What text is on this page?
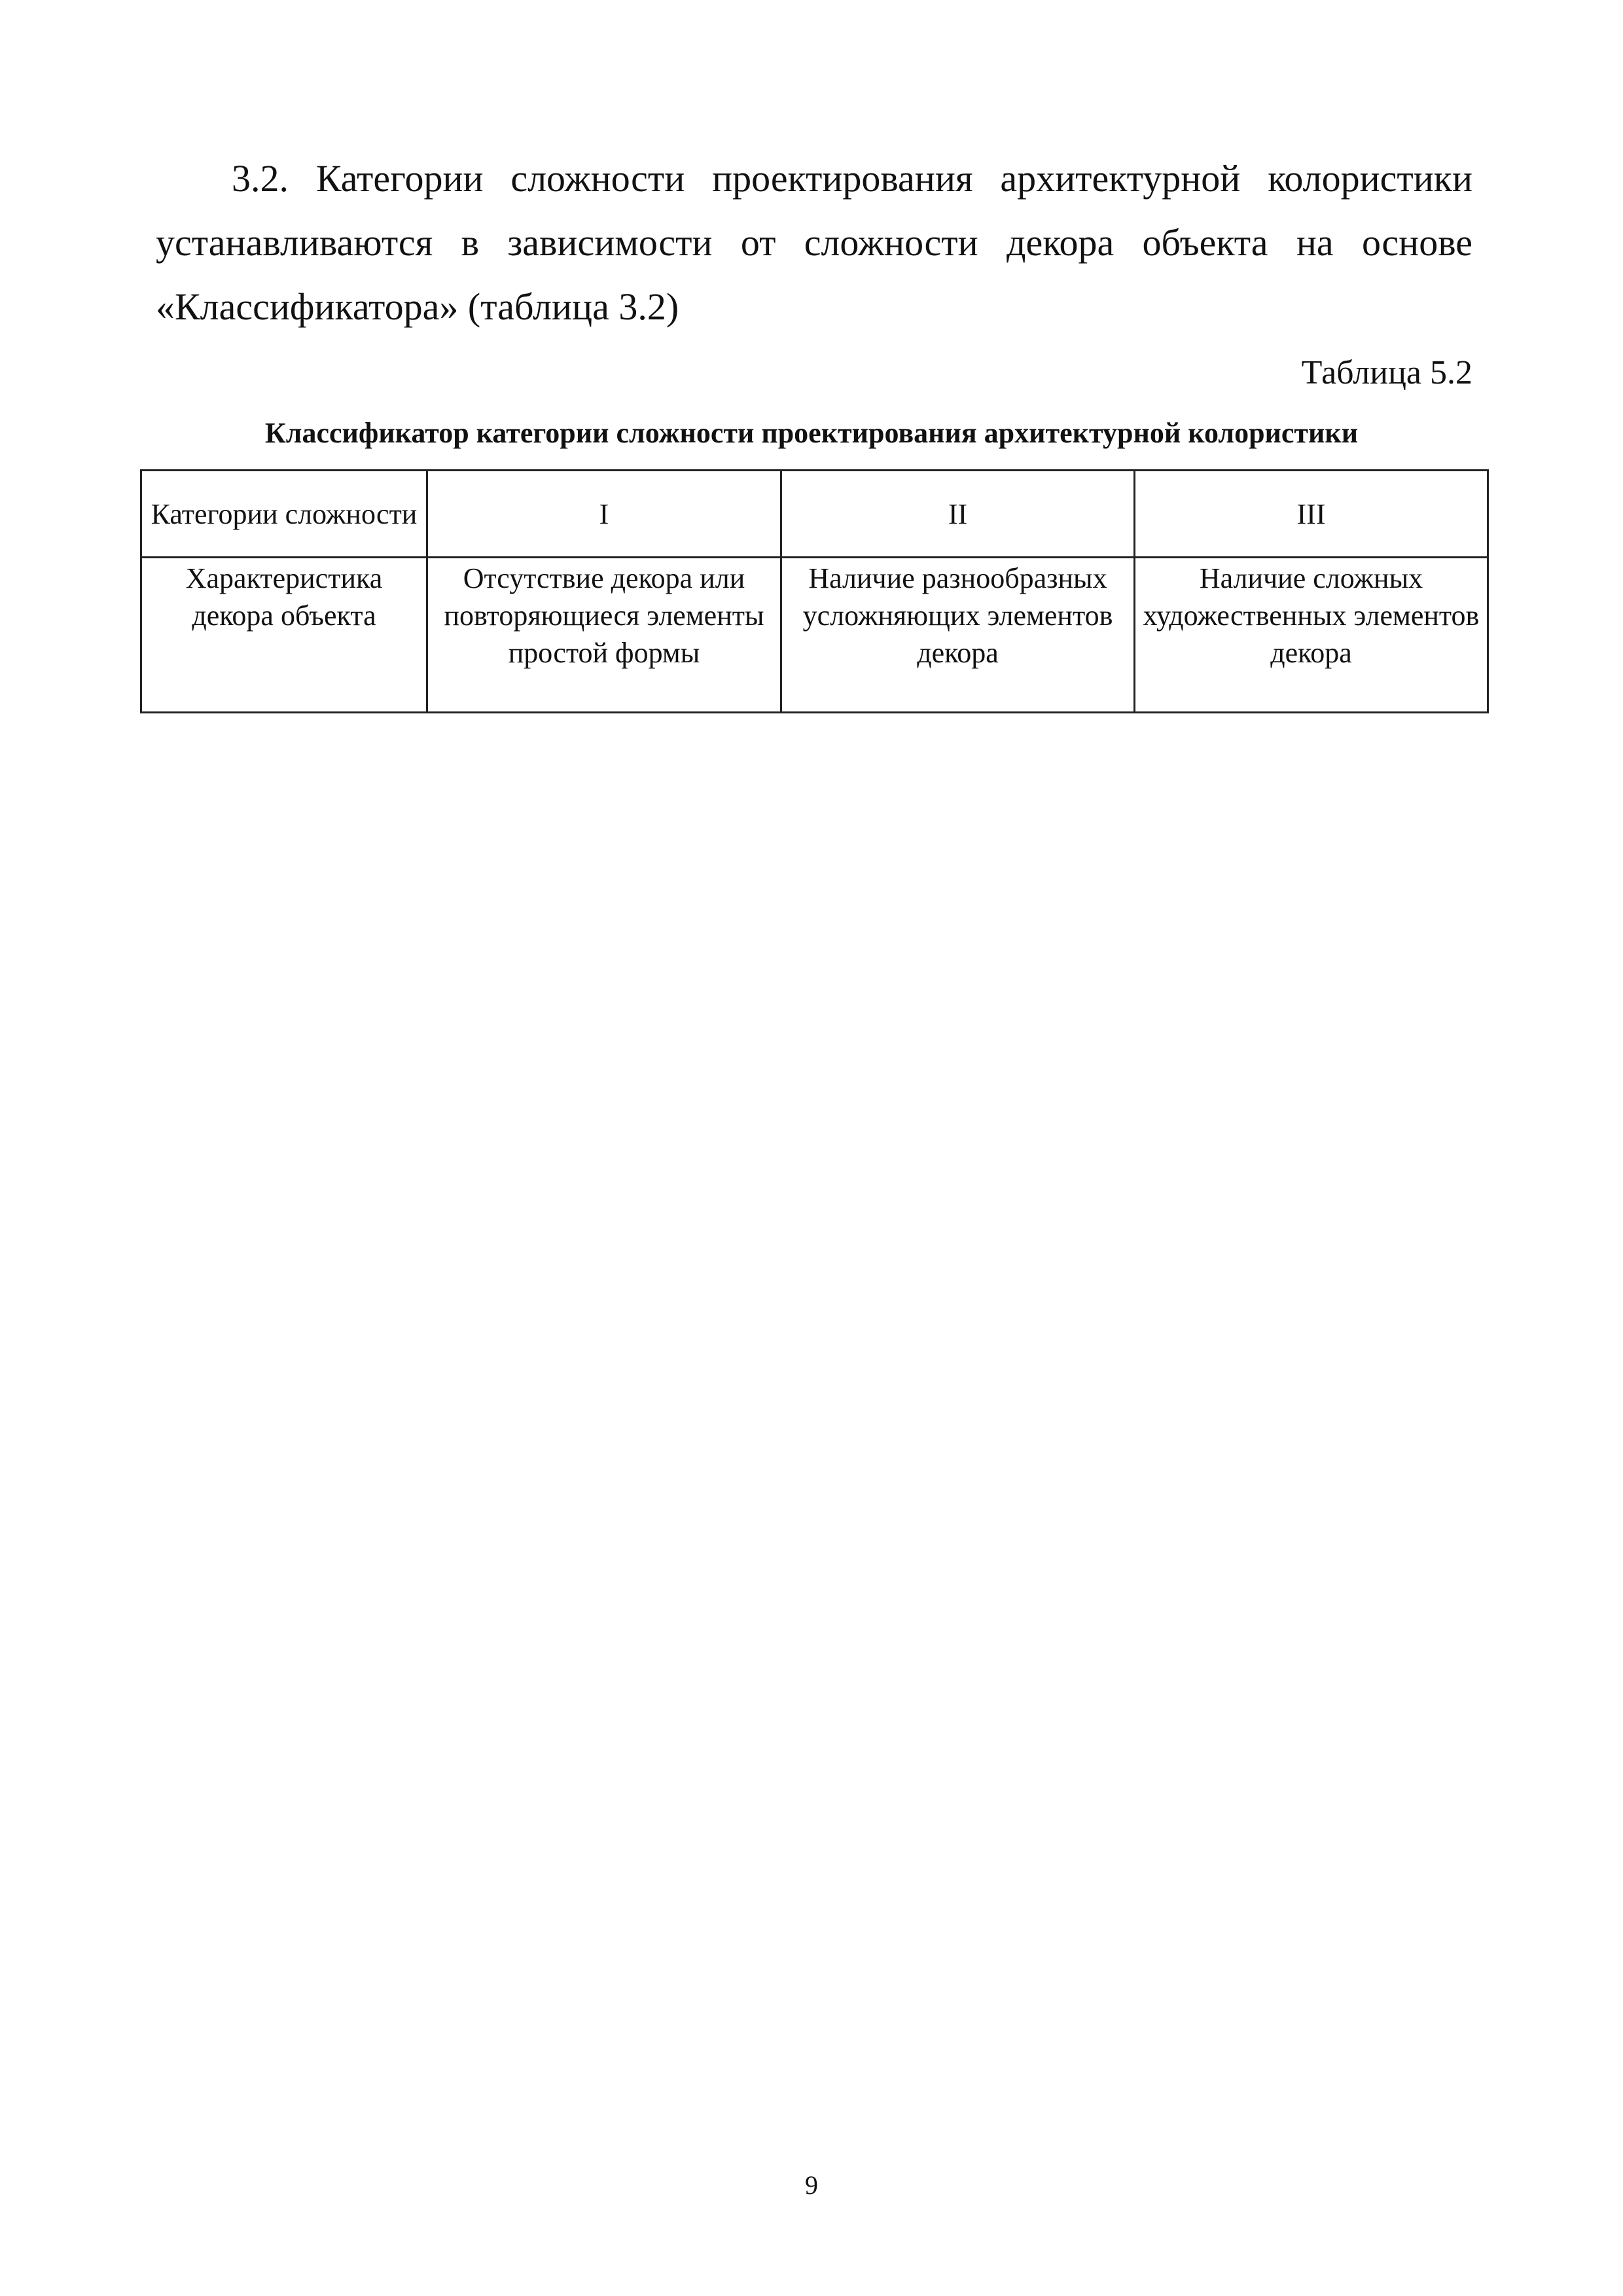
3.2. Категории сложности проектирования архитектурной колористики устанавливаются в зависимости от сложности декора объекта на основе «Классификатора» (таблица 3.2)

Таблица 5.2

Классификатор категории сложности проектирования архитектурной колористики

Категории сложности	I	II	III
Характеристика декора объекта	Отсутствие декора или повторяющиеся элементы простой формы	Наличие разнообразных усложняющих элементов декора	Наличие сложных художественных элементов декора

9
